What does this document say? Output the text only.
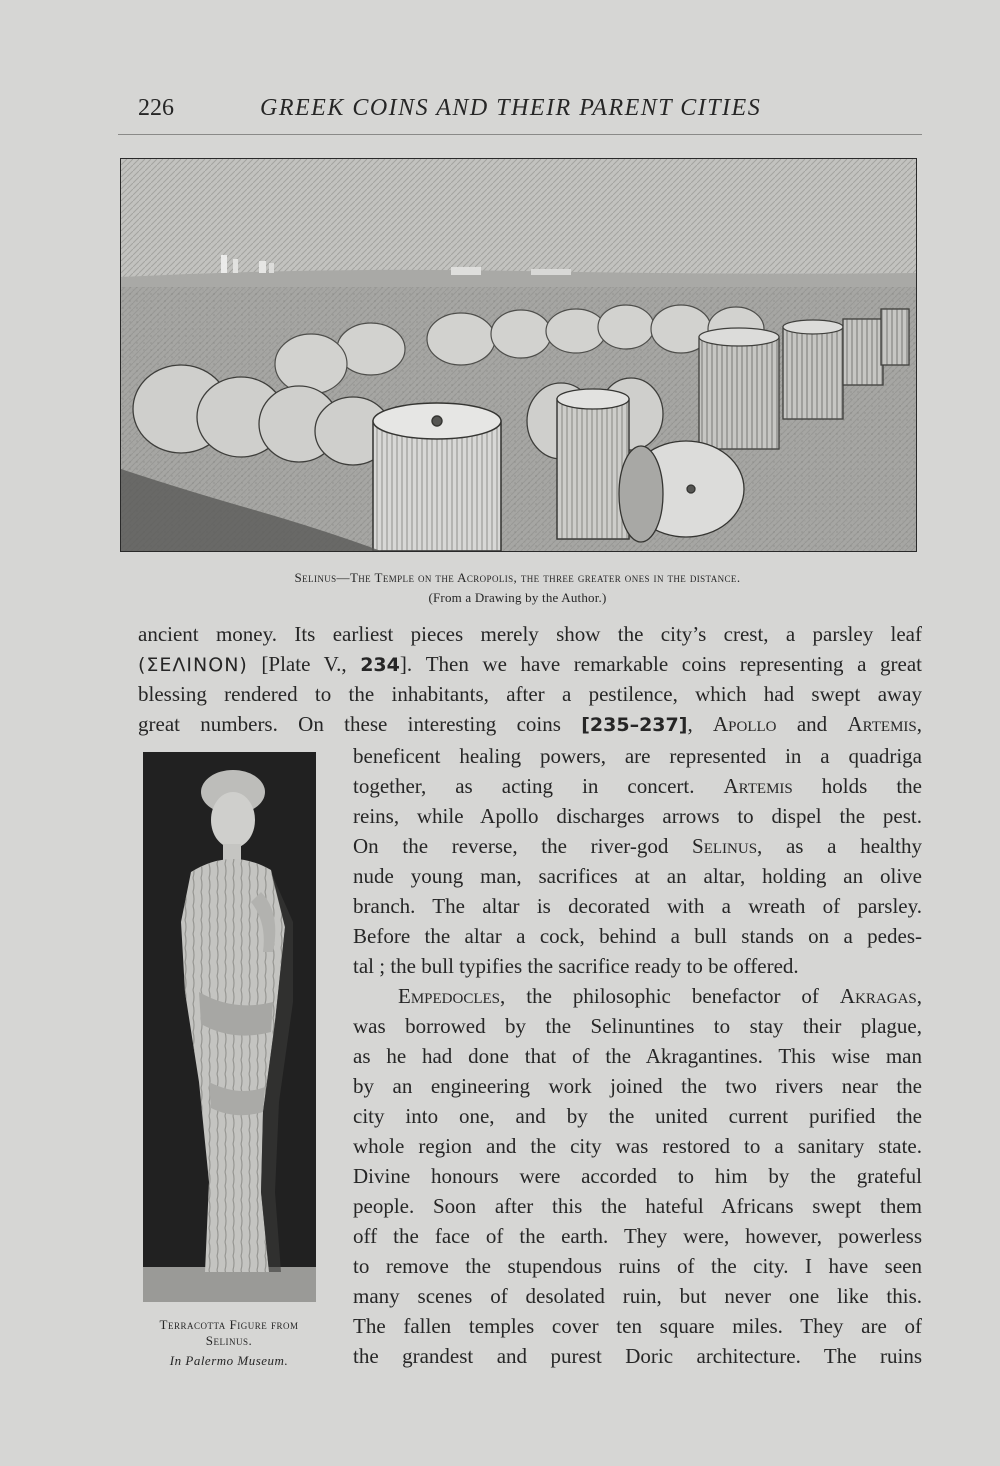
226	GREEK COINS AND THEIR PARENT CITIES
Selinus—The Temple on the Acropolis, the three greater ones in the distance.
(From a Drawing by the Author.)
ancient money. Its earliest pieces merely show the city’s crest, a parsley leaf
(ΣΕΛΙΝΟΝ) [Plate V., 234]. Then we have remarkable coins representing a great
blessing rendered to the inhabitants, after a pestilence, which had swept away
great numbers. On these interesting coins [235–237], Apollo and Artemis,
Terracotta Figure from
Selinus.
In Palermo Museum.
beneficent healing powers, are represented in a quadriga
together, as acting in concert. Artemis holds the
reins, while Apollo discharges arrows to dispel the pest.
On the reverse, the river-god Selinus, as a healthy
nude young man, sacrifices at an altar, holding an olive
branch. The altar is decorated with a wreath of parsley.
Before the altar a cock, behind a bull stands on a pedes-
tal ; the bull typifies the sacrifice ready to be offered.
Empedocles, the philosophic benefactor of Akragas,
was borrowed by the Selinuntines to stay their plague,
as he had done that of the Akragantines. This wise man
by an engineering work joined the two rivers near the
city into one, and by the united current purified the
whole region and the city was restored to a sanitary state.
Divine honours were accorded to him by the grateful
people. Soon after this the hateful Africans swept them
off the face of the earth. They were, however, powerless
to remove the stupendous ruins of the city. I have seen
many scenes of desolated ruin, but never one like this.
The fallen temples cover ten square miles. They are of
the grandest and purest Doric architecture. The ruins
